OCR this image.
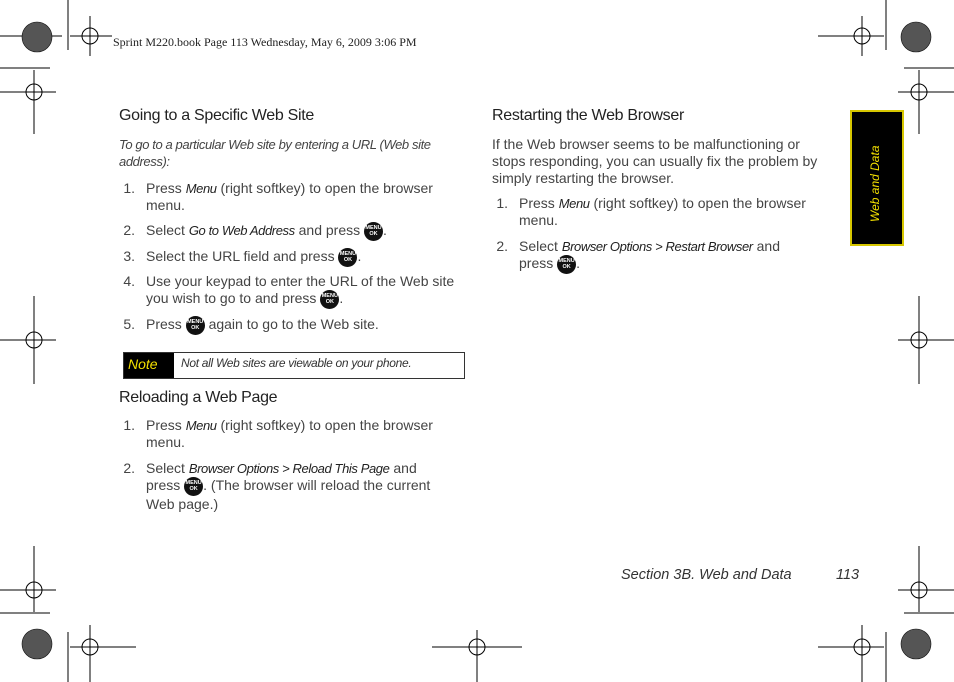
Sprint M220.book Page 113 Wednesday, May 6, 2009 3:06 PM
Going to a Specific Web Site
To go to a particular Web site by entering a URL (Web site address):
1. Press Menu (right softkey) to open the browser
menu.
2. Select Go to Web Address and press MENU
OK .
3. Select the URL field and press MENU
OK .
4. Use your keypad to enter the URL of the Web site
you wish to go to and press MENU
OK .
5. Press MENU
OK again to go to the Web site.
Note	Not all Web sites are viewable on your phone.
Reloading a Web Page
1. Press Menu (right softkey) to open the browser
menu.
2. Select Browser Options > Reload This Page and
press MENU
OK . (The browser will reload the current
Web page.)
Restarting the Web Browser
If the Web browser seems to be malfunctioning or
stops responding, you can usually fix the problem by
simply restarting the browser.
1. Press Menu (right softkey) to open the browser
menu.
2. Select Browser Options > Restart Browser and
press MENU
OK .
Web and Data
Section 3B. Web and Data	113
